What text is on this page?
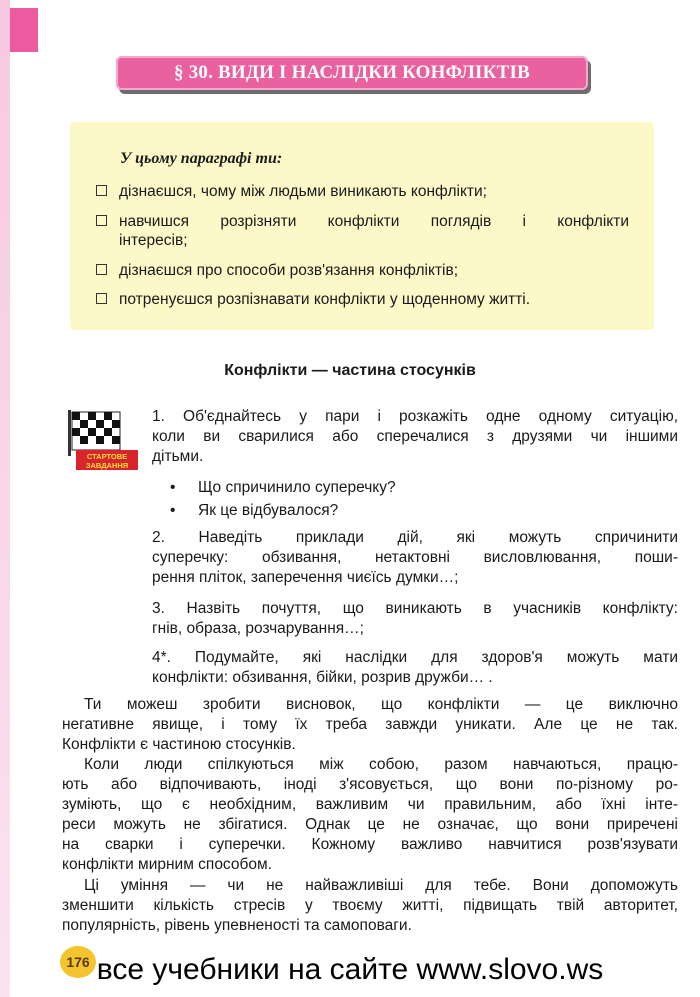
§ 30. ВИДИ І НАСЛІДКИ КОНФЛІКТІВ
У цьому параграфі ти:
дізнаєшся, чому між людьми виникають конфлікти;
навчишся розрізняти конфлікти поглядів і конфлікти
інтересів;
дізнаєшся про способи розв'язання конфліктів;
потренуєшся розпізнавати конфлікти у щоденному житті.
Конфлікти — частина стосунків
СТАРТОВЕ
ЗАВДАННЯ
1. Об'єднайтесь у пари і розкажіть одне одному ситуацію,
коли ви сварилися або сперечалися з друзями чи іншими
дітьми.
• Що спричинило суперечку?
• Як це відбувалося?
2. Наведіть приклади дій, які можуть спричинити
суперечку: обзивання, нетактовні висловлювання, поши-
рення пліток, заперечення чиєїсь думки…;
3. Назвіть почуття, що виникають в учасників конфлікту:
гнів, образа, розчарування…;
4*. Подумайте, які наслідки для здоров'я можуть мати
конфлікти: обзивання, бійки, розрив дружби… .
Ти можеш зробити висновок, що конфлікти — це виключно
негативне явище, і тому їх треба завжди уникати. Але це не так.
Конфлікти є частиною стосунків.
Коли люди спілкуються між собою, разом навчаються, працю-
ють або відпочивають, іноді з'ясовується, що вони по-різному ро-
зуміють, що є необхідним, важливим чи правильним, або їхні інте-
реси можуть не збігатися. Однак це не означає, що вони приречені
на сварки і суперечки. Кожному важливо навчитися розв'язувати
конфлікти мирним способом.
Ці уміння — чи не найважливіші для тебе. Вони допоможуть
зменшити кількість стресів у твоєму житті, підвищать твій авторитет,
популярність, рівень упевненості та самоповаги.
176 все учебники на сайте www.slovo.ws
